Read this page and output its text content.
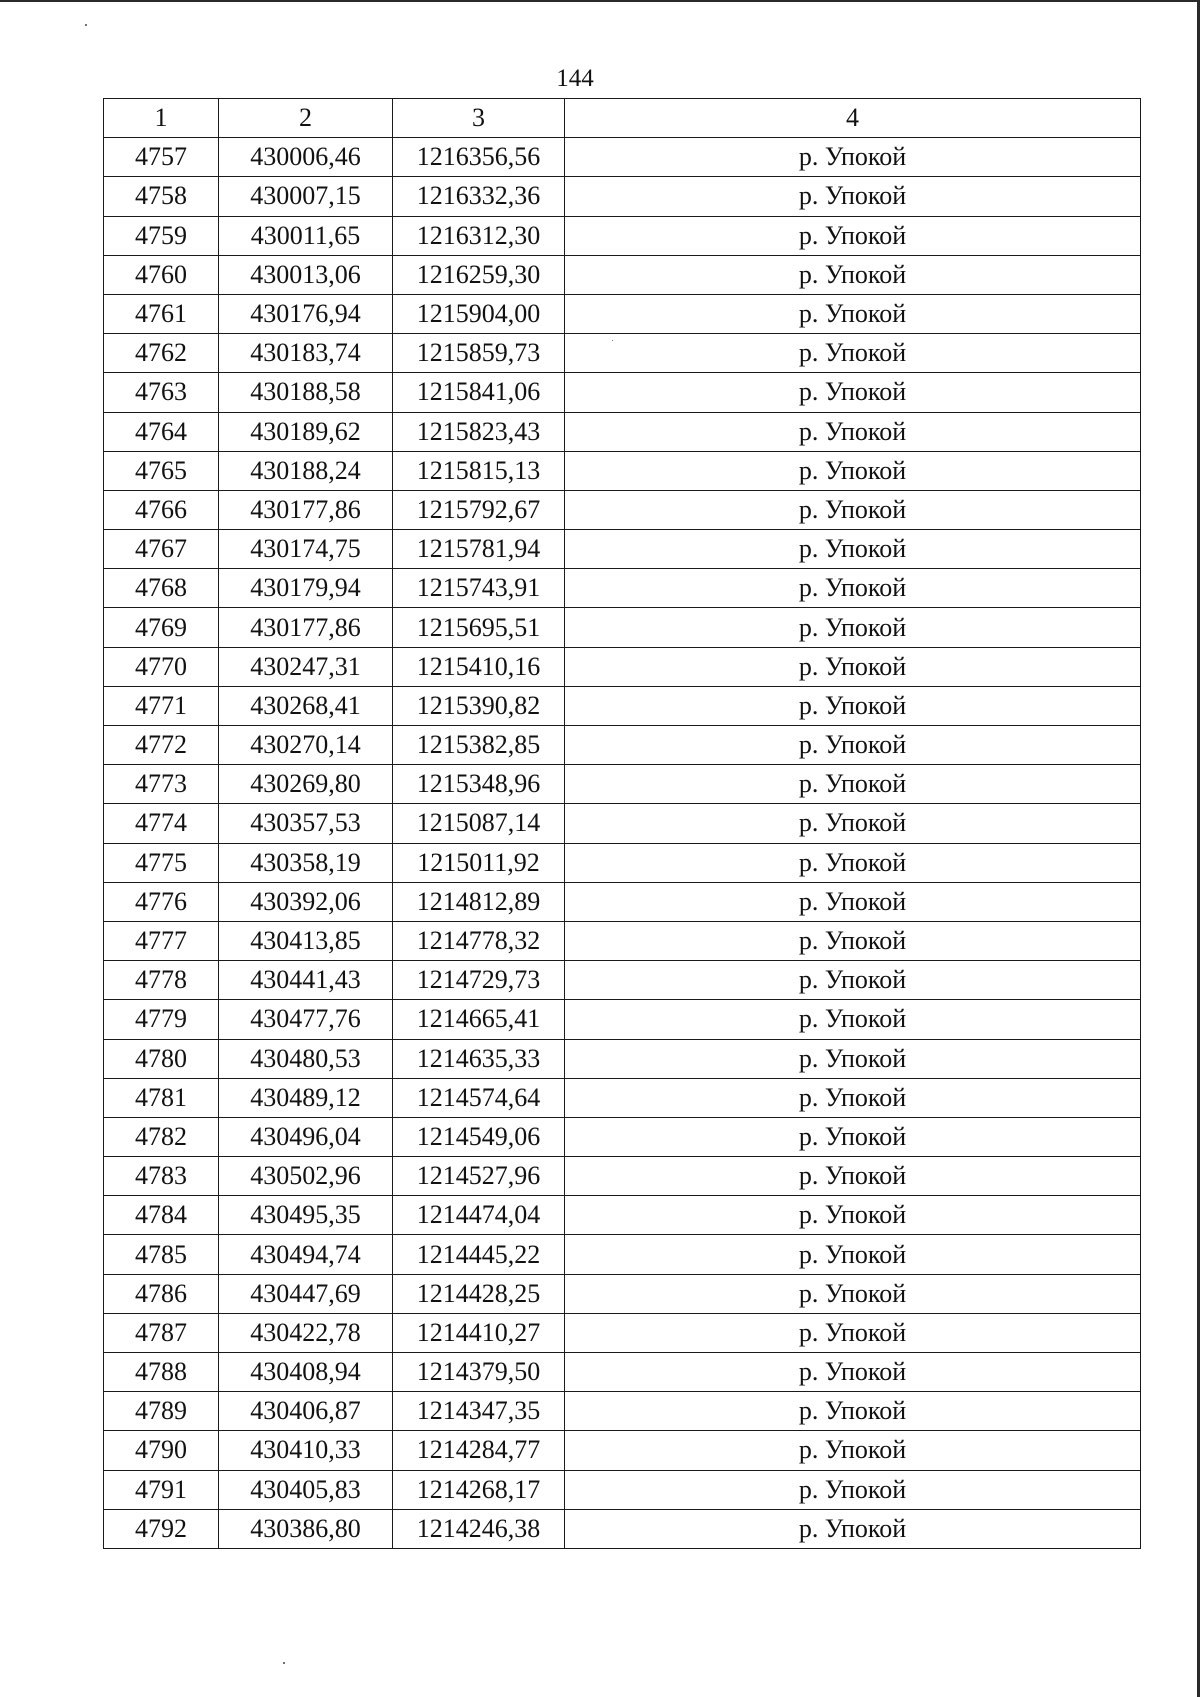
144
1	2	3	4
4757	430006,46	1216356,56	р. Упокой
4758	430007,15	1216332,36	р. Упокой
4759	430011,65	1216312,30	р. Упокой
4760	430013,06	1216259,30	р. Упокой
4761	430176,94	1215904,00	р. Упокой
4762	430183,74	1215859,73	р. Упокой
4763	430188,58	1215841,06	р. Упокой
4764	430189,62	1215823,43	р. Упокой
4765	430188,24	1215815,13	р. Упокой
4766	430177,86	1215792,67	р. Упокой
4767	430174,75	1215781,94	р. Упокой
4768	430179,94	1215743,91	р. Упокой
4769	430177,86	1215695,51	р. Упокой
4770	430247,31	1215410,16	р. Упокой
4771	430268,41	1215390,82	р. Упокой
4772	430270,14	1215382,85	р. Упокой
4773	430269,80	1215348,96	р. Упокой
4774	430357,53	1215087,14	р. Упокой
4775	430358,19	1215011,92	р. Упокой
4776	430392,06	1214812,89	р. Упокой
4777	430413,85	1214778,32	р. Упокой
4778	430441,43	1214729,73	р. Упокой
4779	430477,76	1214665,41	р. Упокой
4780	430480,53	1214635,33	р. Упокой
4781	430489,12	1214574,64	р. Упокой
4782	430496,04	1214549,06	р. Упокой
4783	430502,96	1214527,96	р. Упокой
4784	430495,35	1214474,04	р. Упокой
4785	430494,74	1214445,22	р. Упокой
4786	430447,69	1214428,25	р. Упокой
4787	430422,78	1214410,27	р. Упокой
4788	430408,94	1214379,50	р. Упокой
4789	430406,87	1214347,35	р. Упокой
4790	430410,33	1214284,77	р. Упокой
4791	430405,83	1214268,17	р. Упокой
4792	430386,80	1214246,38	р. Упокой
